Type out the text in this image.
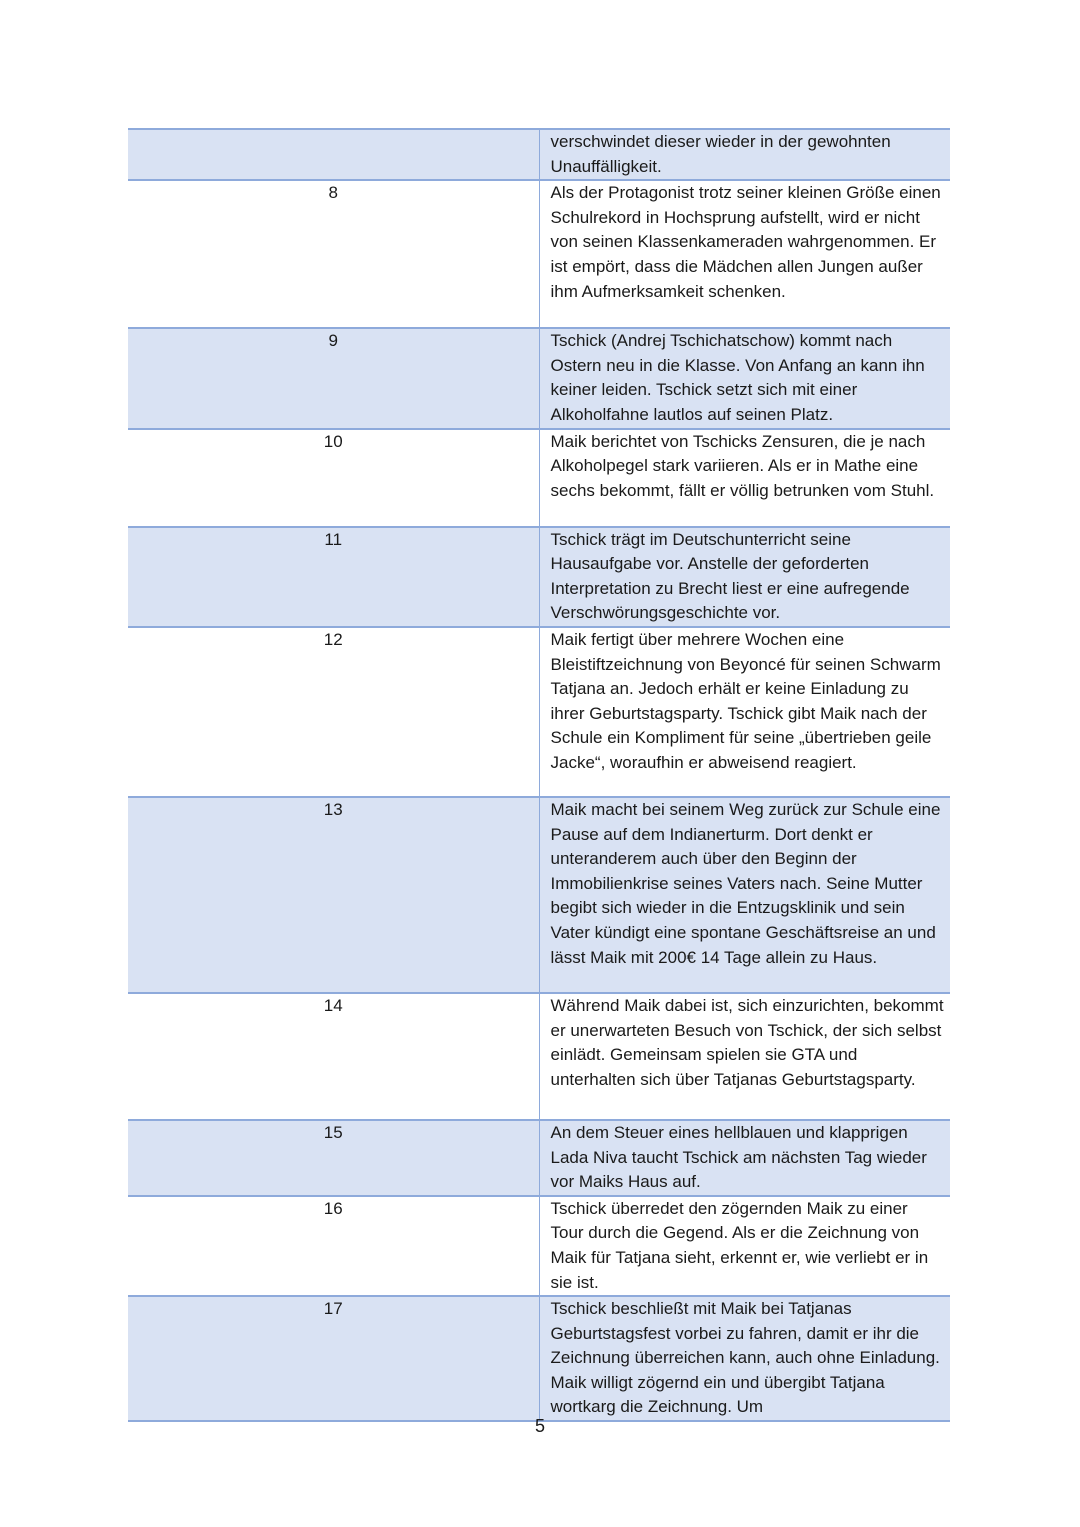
	verschwindet dieser wieder in der gewohnten Unauffälligkeit.
8	Als der Protagonist trotz seiner kleinen Größe einen Schulrekord in Hochsprung aufstellt, wird er nicht von seinen Klassenkameraden wahrgenommen. Er ist empört, dass die Mädchen allen Jungen außer ihm Aufmerksamkeit schenken.
9	Tschick (Andrej Tschichatschow) kommt nach Ostern neu in die Klasse. Von Anfang an kann ihn keiner leiden. Tschick setzt sich mit einer Alkoholfahne lautlos auf seinen Platz.
10	Maik berichtet von Tschicks Zensuren, die je nach Alkoholpegel stark variieren. Als er in Mathe eine sechs bekommt, fällt er völlig betrunken vom Stuhl.
11	Tschick trägt im Deutschunterricht seine Hausaufgabe vor. Anstelle der geforderten Interpretation zu Brecht liest er eine aufregende Verschwörungsgeschichte vor.
12	Maik fertigt über mehrere Wochen eine Bleistiftzeichnung von Beyoncé für seinen Schwarm Tatjana an. Jedoch erhält er keine Einladung zu ihrer Geburtstagsparty. Tschick gibt Maik nach der Schule ein Kompliment für seine „übertrieben geile Jacke“, woraufhin er abweisend reagiert.
13	Maik macht bei seinem Weg zurück zur Schule eine Pause auf dem Indianerturm. Dort denkt er unteranderem auch über den Beginn der Immobilienkrise seines Vaters nach. Seine Mutter begibt sich wieder in die Entzugsklinik und sein Vater kündigt eine spontane Geschäftsreise an und lässt Maik mit 200€ 14 Tage allein zu Haus.
14	Während Maik dabei ist, sich einzurichten, bekommt er unerwarteten Besuch von Tschick, der sich selbst einlädt. Gemeinsam spielen sie GTA und unterhalten sich über Tatjanas Geburtstagsparty.
15	An dem Steuer eines hellblauen und klapprigen Lada Niva taucht Tschick am nächsten Tag wieder vor Maiks Haus auf.
16	Tschick überredet den zögernden Maik zu einer Tour durch die Gegend. Als er die Zeichnung von Maik für Tatjana sieht, erkennt er, wie verliebt er in sie ist.
17	Tschick beschließt mit Maik bei Tatjanas Geburtstagsfest vorbei zu fahren, damit er ihr die Zeichnung überreichen kann, auch ohne Einladung. Maik willigt zögernd ein und übergibt Tatjana wortkarg die Zeichnung. Um
5
